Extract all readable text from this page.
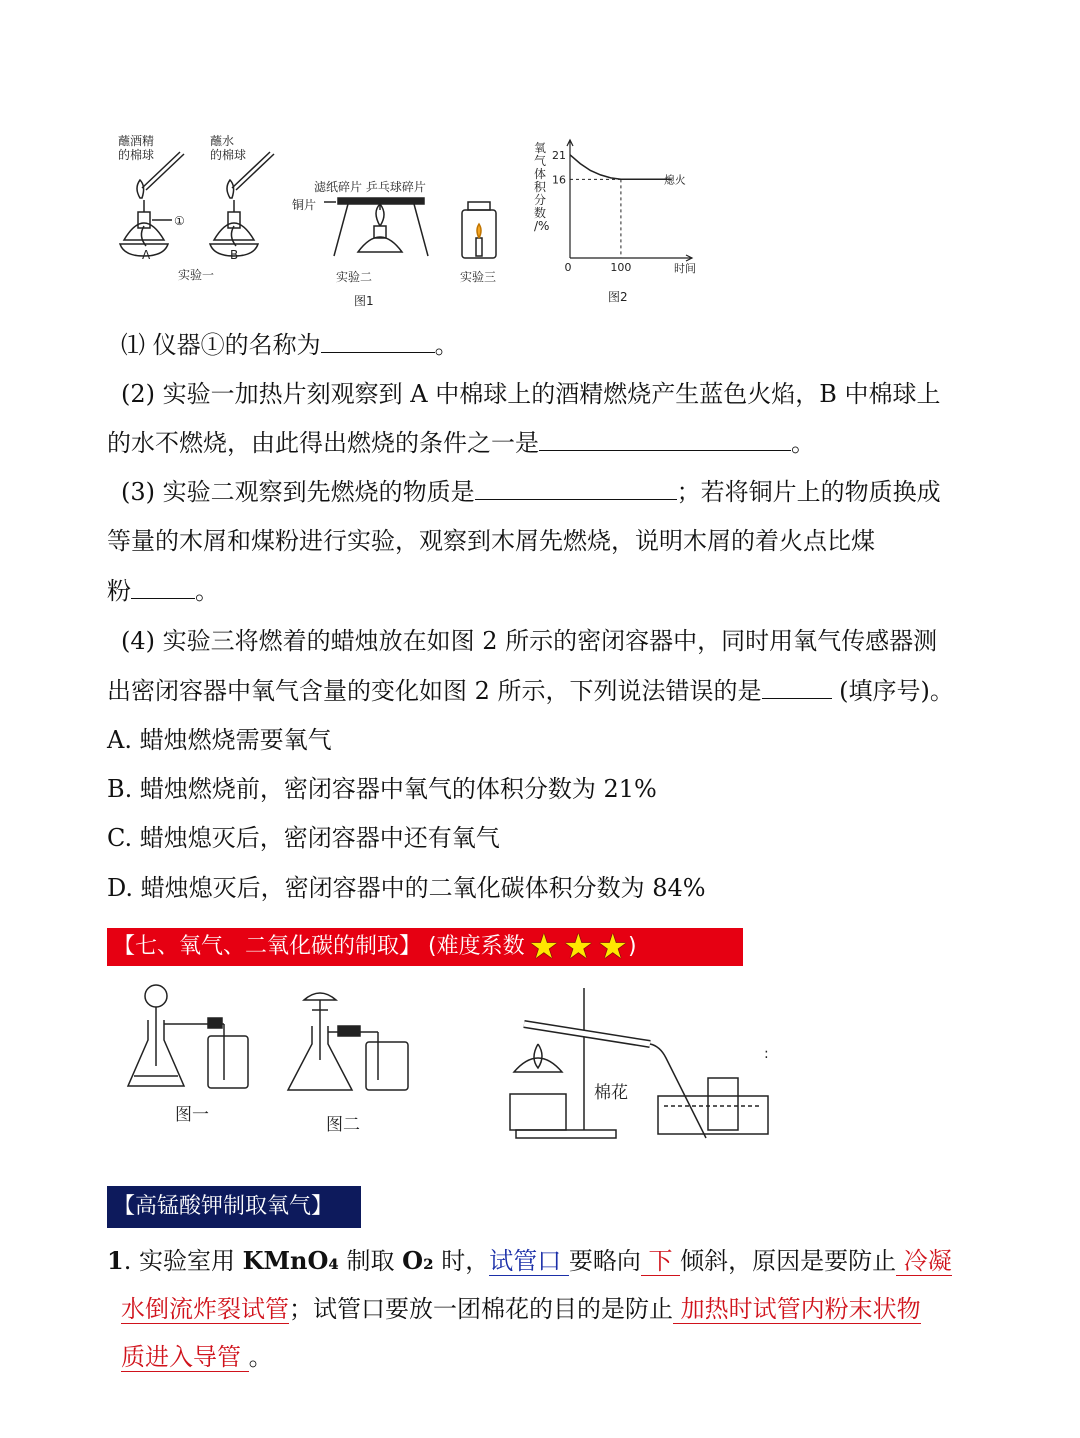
蘸酒精
的棉球
蘸水
的棉球
①
A	B
实验一
滤纸碎片 乒乓球碎片
铜片
实验二	实验三
图1
氧
气
体
积
分
数
/%
21
16
0	100	时间
熄火
图2
⑴ 仪器①的名称为	。
(2) 实验一加热片刻观察到 A 中棉球上的酒精燃烧产生蓝色火焰，B 中棉球上
的水不燃烧，由此得出燃烧的条件之一是	。
(3) 实验二观察到先燃烧的物质是	；若将铜片上的物质换成
等量的木屑和煤粉进行实验，观察到木屑先燃烧，说明木屑的着火点比煤
粉	。
(4) 实验三将燃着的蜡烛放在如图 2 所示的密闭容器中，同时用氧气传感器测
出密闭容器中氧气含量的变化如图 2 所示，下列说法错误的是	(填序号)。
A. 蜡烛燃烧需要氧气
B. 蜡烛燃烧前，密闭容器中氧气的体积分数为 21%
C. 蜡烛熄灭后，密闭容器中还有氧气
D. 蜡烛熄灭后，密闭容器中的二氧化碳体积分数为 84%
【七、氧气、二氧化碳的制取】 (难度系数 ★ ★ ★)
图一	图二
棉花
:
【高锰酸钾制取氧气】
1. 实验室用 KMnO₄ 制取 O₂ 时，试管口 要略向 下 倾斜，原因是要防止 冷凝
水倒流炸裂试管；试管口要放一团棉花的目的是防止 加热时试管内粉末状物
质进入导管 。
